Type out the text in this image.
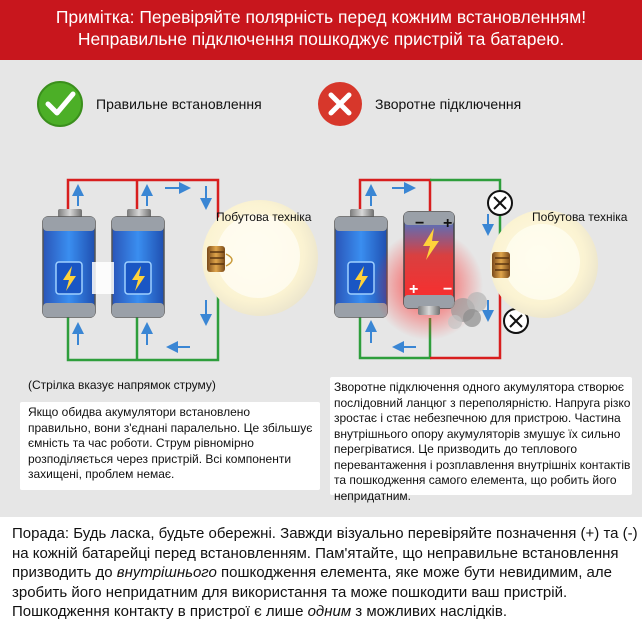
Примітка: Перевіряйте полярність перед кожним встановленням!
Неправильне підключення пошкоджує пристрій та батарею.
− +
+ −
Правильне встановлення	Зворотне підключення
Побутова техніка	Побутова техніка
(Стрілка вказує напрямок струму)
Якщо обидва акумулятори встановлено правильно, вони з'єднані паралельно. Це збільшує ємність та час роботи. Струм рівномірно розподіляється через пристрій. Всі компоненти захищені, проблем немає.
Зворотне підключення одного акумулятора створює послідовний ланцюг з переполярністю. Напруга різко зростає і стає небезпечною для пристрою. Частина внутрішнього опору акумуляторів змушує їх сильно перегріватися. Це призводить до теплового перевантаження і розплавлення внутрішніх контактів та пошкодження самого елемента, що робить його непридатним.

Порада: Будь ласка, будьте обережні. Завжди візуально перевіряйте позначення (+) та (-) на кожній батарейці перед встановленням. Пам'ятайте, що неправильне встановлення призводить до внутрішнього пошкодження елемента, яке може бути невидимим, але зробить його непридатним для використання та може пошкодити ваш пристрій. Пошкодження контакту в пристрої є лише одним з можливих наслідків.
